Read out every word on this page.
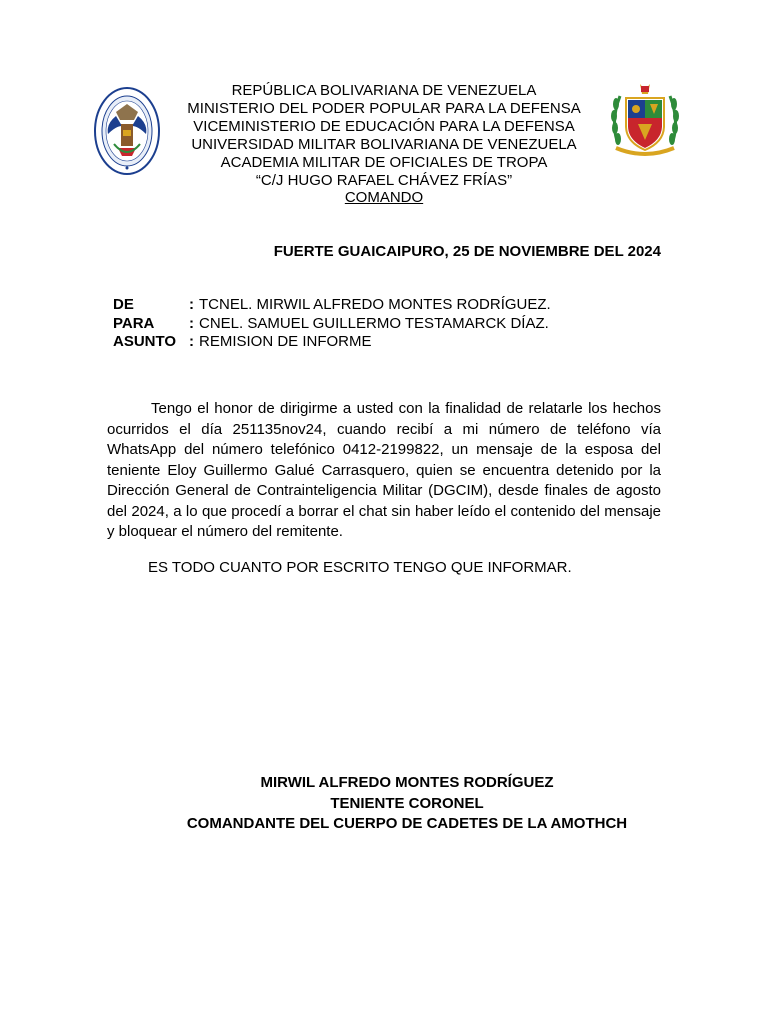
REPÚBLICA BOLIVARIANA DE VENEZUELA
MINISTERIO DEL PODER POPULAR PARA LA DEFENSA
VICEMINISTERIO DE EDUCACIÓN PARA LA DEFENSA
UNIVERSIDAD MILITAR BOLIVARIANA DE VENEZUELA
ACADEMIA MILITAR DE OFICIALES DE TROPA
“C/J HUGO RAFAEL CHÁVEZ FRÍAS”
COMANDO
FUERTE GUAICAIPURO, 25 DE NOVIEMBRE DEL 2024
DE	: TCNEL. MIRWIL ALFREDO MONTES RODRÍGUEZ.
PARA	: CNEL. SAMUEL GUILLERMO TESTAMARCK DÍAZ.
ASUNTO : REMISION DE INFORME

Tengo el honor de dirigirme a usted con la finalidad de relatarle los hechos ocurridos el día 251135nov24, cuando recibí a mi número de teléfono vía WhatsApp del número telefónico 0412-2199822, un mensaje de la esposa del teniente Eloy Guillermo Galué Carrasquero, quien se encuentra detenido por la Dirección General de Contrainteligencia Militar (DGCIM), desde finales de agosto del 2024, a lo que procedí a borrar el chat sin haber leído el contenido del mensaje y bloquear el número del remitente.

ES TODO CUANTO POR ESCRITO TENGO QUE INFORMAR.
MIRWIL ALFREDO MONTES RODRÍGUEZ
TENIENTE CORONEL
COMANDANTE DEL CUERPO DE CADETES DE LA AMOTHCH
